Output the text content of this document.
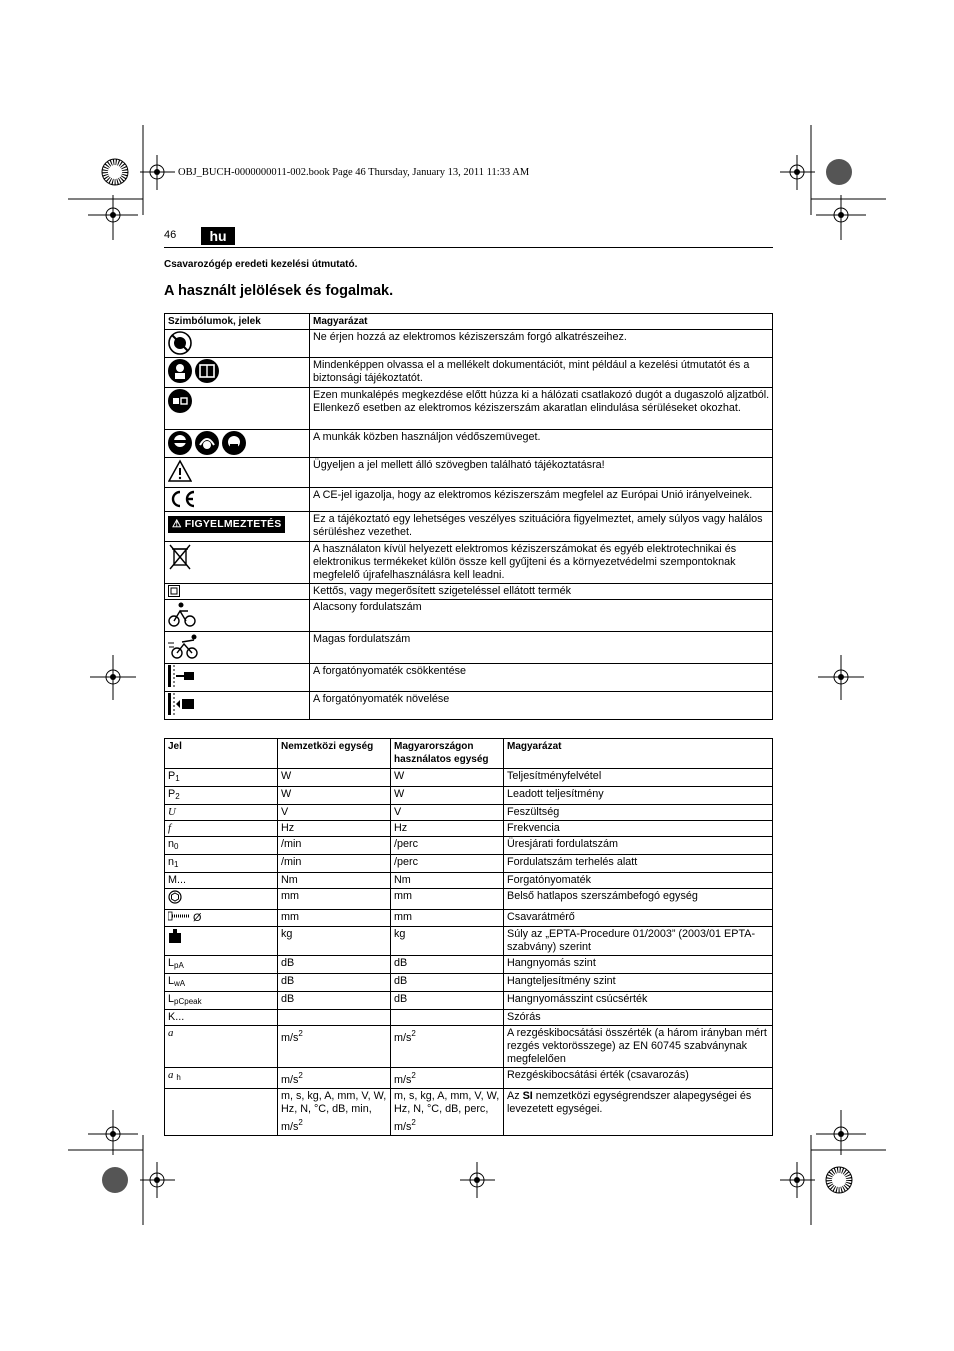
OBJ_BUCH-0000000011-002.book Page 46 Thursday, January 13, 2011 11:33 AM
46	hu
Csavarozógép eredeti kezelési útmutató.
A használt jelölések és fogalmak.
Szimbólumok, jelek	Magyarázat
	Ne érjen hozzá az elektromos kéziszerszám forgó alkatrészeihez.
	Mindenképpen olvassa el a mellékelt dokumentációt, mint például a kezelési útmutatót és a biztonsági tájékoztatót.
	Ezen munkalépés megkezdése előtt húzza ki a hálózati csatlakozó dugót a dugaszoló aljzatból. Ellenkező esetben az elektromos kéziszerszám akaratlan elindulása sérüléseket okozhat.
	A munkák közben használjon védőszemüveget.
	Ügyeljen a jel mellett álló szövegben található tájékoztatásra!
	A CE-jel igazolja, hogy az elektromos kéziszerszám megfelel az Európai Unió irányelveinek.
⚠ FIGYELMEZTETÉS	Ez a tájékoztató egy lehetséges veszélyes szituációra figyelmeztet, amely súlyos vagy halálos sérüléshez vezethet.
	A használaton kívül helyezett elektromos kéziszerszámokat és egyéb elektrotechnikai és elektronikus termékeket külön össze kell gyűjteni és a környezetvédelmi szempontoknak megfelelő újrafelhasználásra kell leadni.
	Kettős, vagy megerősített szigeteléssel ellátott termék
	Alacsony fordulatszám
	Magas fordulatszám
	A forgatónyomaték csökkentése
	A forgatónyomaték növelése
Jel	Nemzetközi egység	Magyarországon használatos egység	Magyarázat
$P_1$	W	W	Teljesítményfelvétel
$P_2$	W	W	Leadott teljesítmény
U	V	V	Feszültség
f	Hz	Hz	Frekvencia
$n_0$	/min	/perc	Üresjárati fordulatszám
$n_1$	/min	/perc	Fordulatszám terhelés alatt
M...	Nm	Nm	Forgatónyomaték
	mm	mm	Belső hatlapos szerszámbefogó egység
Ø	mm	mm	Csavarátmérő
	kg	kg	Súly az „EPTA-Procedure 01/2003” (2003/01 EPTA-szabvány) szerint
$L_{pA}$	dB	dB	Hangnyomás szint
$L_{wA}$	dB	dB	Hangteljesítmény szint
$L_{pCpeak}$	dB	dB	Hangnyomásszint csúcsérték
K...			Szórás
a	$m/s^2$	$m/s^2$	A rezgéskibocsátási összérték (a három irányban mért rezgés vektorösszege) az EN 60745 szabványnak megfelelően
a $_h$	$m/s^2$	$m/s^2$	Rezgéskibocsátási érték (csavarozás)
	m, s, kg, A, mm, V, W, Hz, N, °C, dB, min, $m/s^2$	m, s, kg, A, mm, V, W, Hz, N, °C, dB, perc, $m/s^2$	Az SI nemzetközi egységrendszer alapegységei és levezetett egységei.
